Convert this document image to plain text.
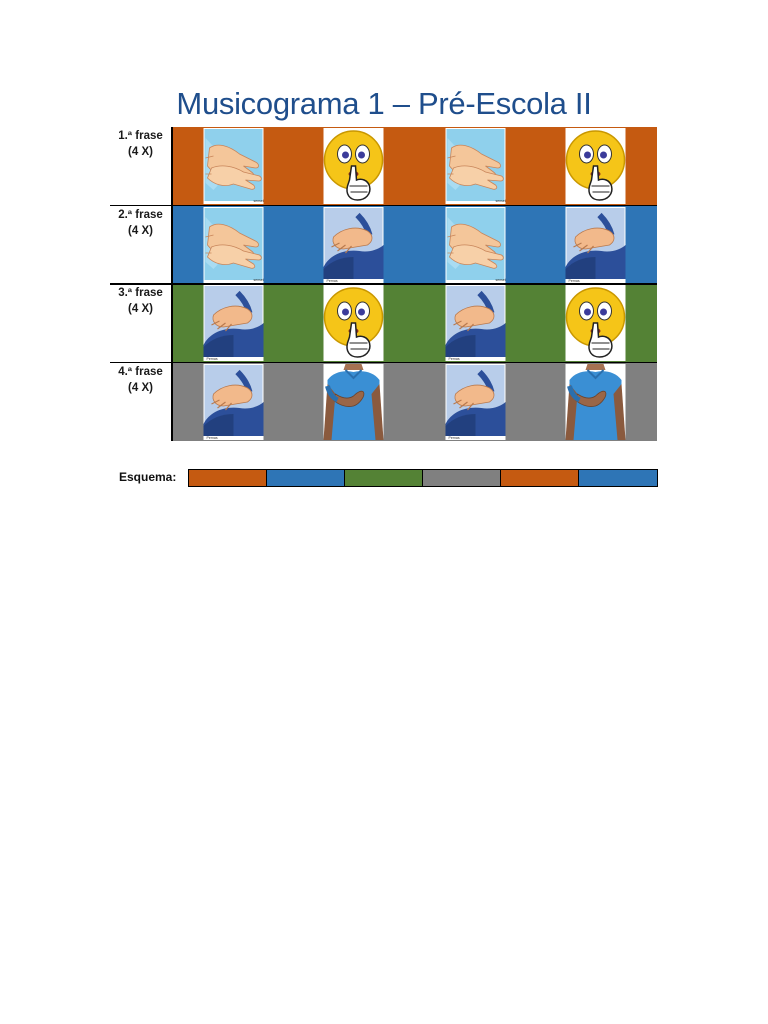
Musicograma 1 – Pré-Escola II
1.ª frase
(4 X)
sensei	sensei
2.ª frase
(4 X)
sensei	Pernas	sensei	Pernas
3.ª frase
(4 X)
Pernas	Pernas
4.ª frase
(4 X)
Pernas	Pernas
Esquema:
